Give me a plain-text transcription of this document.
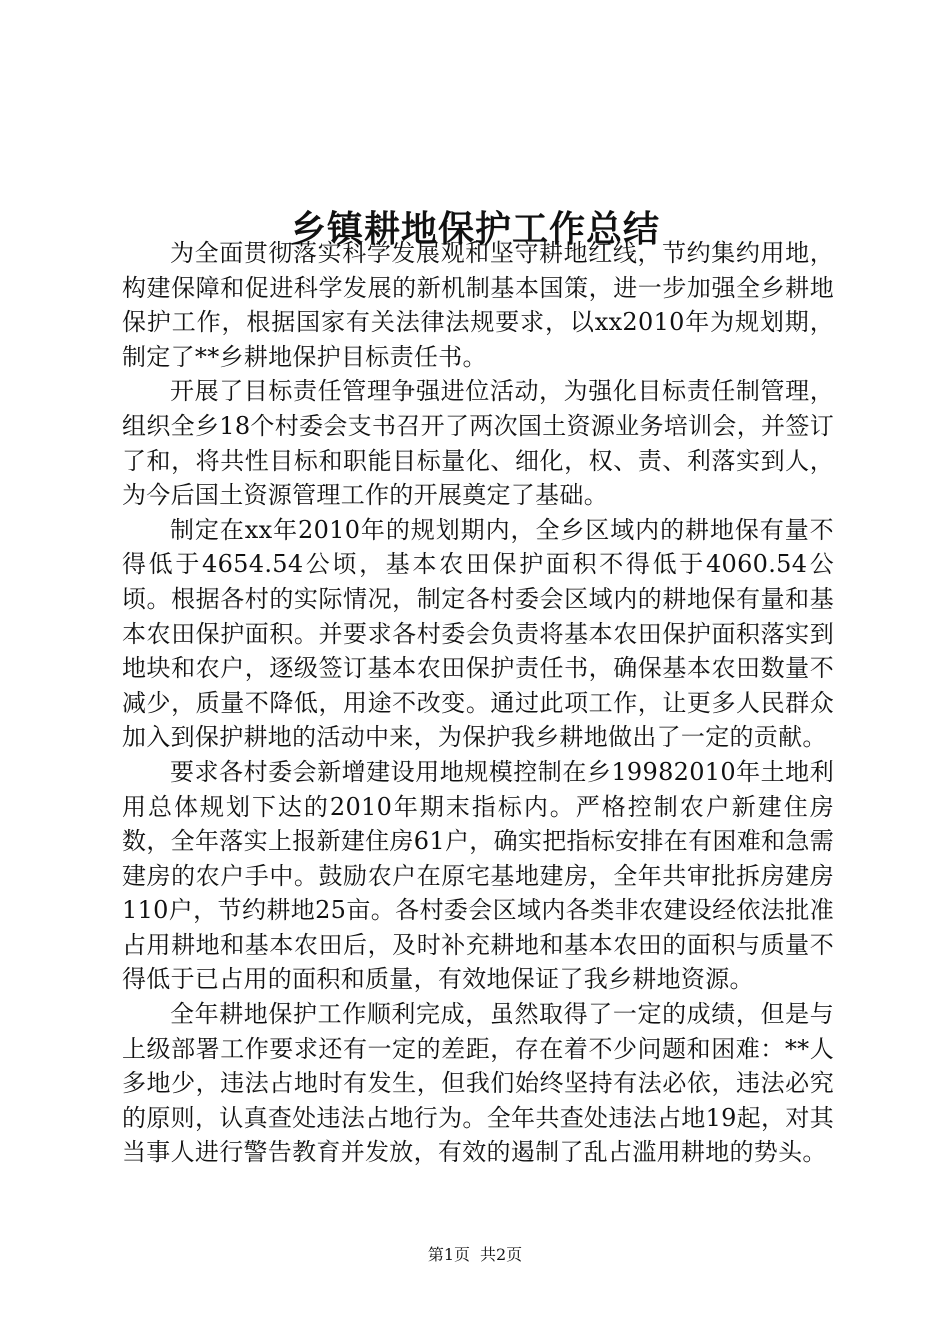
乡镇耕地保护工作总结

为全面贯彻落实科学发展观和坚守耕地红线，节约集约用地，构建保障和促进科学发展的新机制基本国策，进一步加强全乡耕地保护工作，根据国家有关法律法规要求，以xx2010年为规划期，制定了**乡耕地保护目标责任书。

开展了目标责任管理争强进位活动，为强化目标责任制管理，组织全乡18个村委会支书召开了两次国土资源业务培训会，并签订了和，将共性目标和职能目标量化、细化，权、责、利落实到人，为今后国土资源管理工作的开展奠定了基础。

制定在xx年2010年的规划期内，全乡区域内的耕地保有量不得低于4654.54公顷，基本农田保护面积不得低于4060.54公顷。根据各村的实际情况，制定各村委会区域内的耕地保有量和基本农田保护面积。并要求各村委会负责将基本农田保护面积落实到地块和农户，逐级签订基本农田保护责任书，确保基本农田数量不减少，质量不降低，用途不改变。通过此项工作，让更多人民群众加入到保护耕地的活动中来，为保护我乡耕地做出了一定的贡献。

要求各村委会新增建设用地规模控制在乡19982010年土地利用总体规划下达的2010年期末指标内。严格控制农户新建住房数，全年落实上报新建住房61户，确实把指标安排在有困难和急需建房的农户手中。鼓励农户在原宅基地建房，全年共审批拆房建房110户，节约耕地25亩。各村委会区域内各类非农建设经依法批准占用耕地和基本农田后，及时补充耕地和基本农田的面积与质量不得低于已占用的面积和质量，有效地保证了我乡耕地资源。

全年耕地保护工作顺利完成，虽然取得了一定的成绩，但是与上级部署工作要求还有一定的差距，存在着不少问题和困难：**人多地少，违法占地时有发生，但我们始终坚持有法必依，违法必究的原则，认真查处违法占地行为。全年共查处违法占地19起，对其当事人进行警告教育并发放，有效的遏制了乱占滥用耕地的势头。

第1页 共2页
